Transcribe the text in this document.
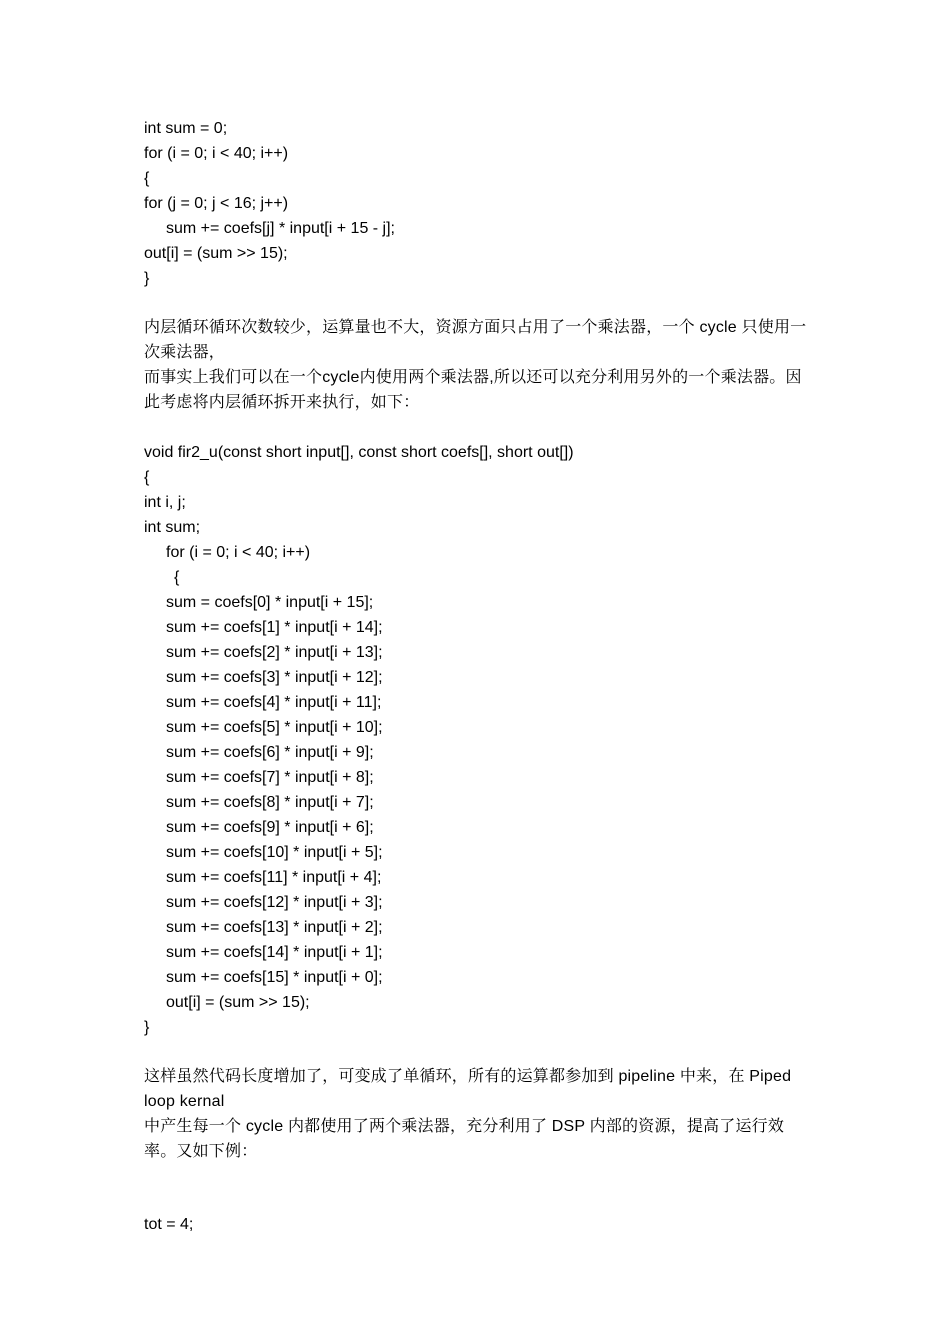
int sum = 0;
for (i = 0; i < 40; i++)
{
for (j = 0; j < 16; j++)
sum += coefs[j] * input[i + 15 - j];
out[i] = (sum >> 15);
}
内层循环循环次数较少，运算量也不大，资源方面只占用了一个乘法器，一个 cycle 只使用一次乘法器，
而事实上我们可以在一个cycle内使用两个乘法器,所以还可以充分利用另外的一个乘法器。因此考虑将内层循环拆开来执行，如下：
void fir2_u(const short input[], const short coefs[], short out[])
{
int i, j;
int sum;
for (i = 0; i < 40; i++)
{
sum = coefs[0] * input[i + 15];
sum += coefs[1] * input[i + 14];
sum += coefs[2] * input[i + 13];
sum += coefs[3] * input[i + 12];
sum += coefs[4] * input[i + 11];
sum += coefs[5] * input[i + 10];
sum += coefs[6] * input[i + 9];
sum += coefs[7] * input[i + 8];
sum += coefs[8] * input[i + 7];
sum += coefs[9] * input[i + 6];
sum += coefs[10] * input[i + 5];
sum += coefs[11] * input[i + 4];
sum += coefs[12] * input[i + 3];
sum += coefs[13] * input[i + 2];
sum += coefs[14] * input[i + 1];
sum += coefs[15] * input[i + 0];
out[i] = (sum >> 15);
}
这样虽然代码长度增加了，可变成了单循环，所有的运算都参加到 pipeline 中来，在 Piped loop kernal
中产生每一个 cycle 内都使用了两个乘法器，充分利用了 DSP 内部的资源，提高了运行效率。又如下例：
tot = 4;
